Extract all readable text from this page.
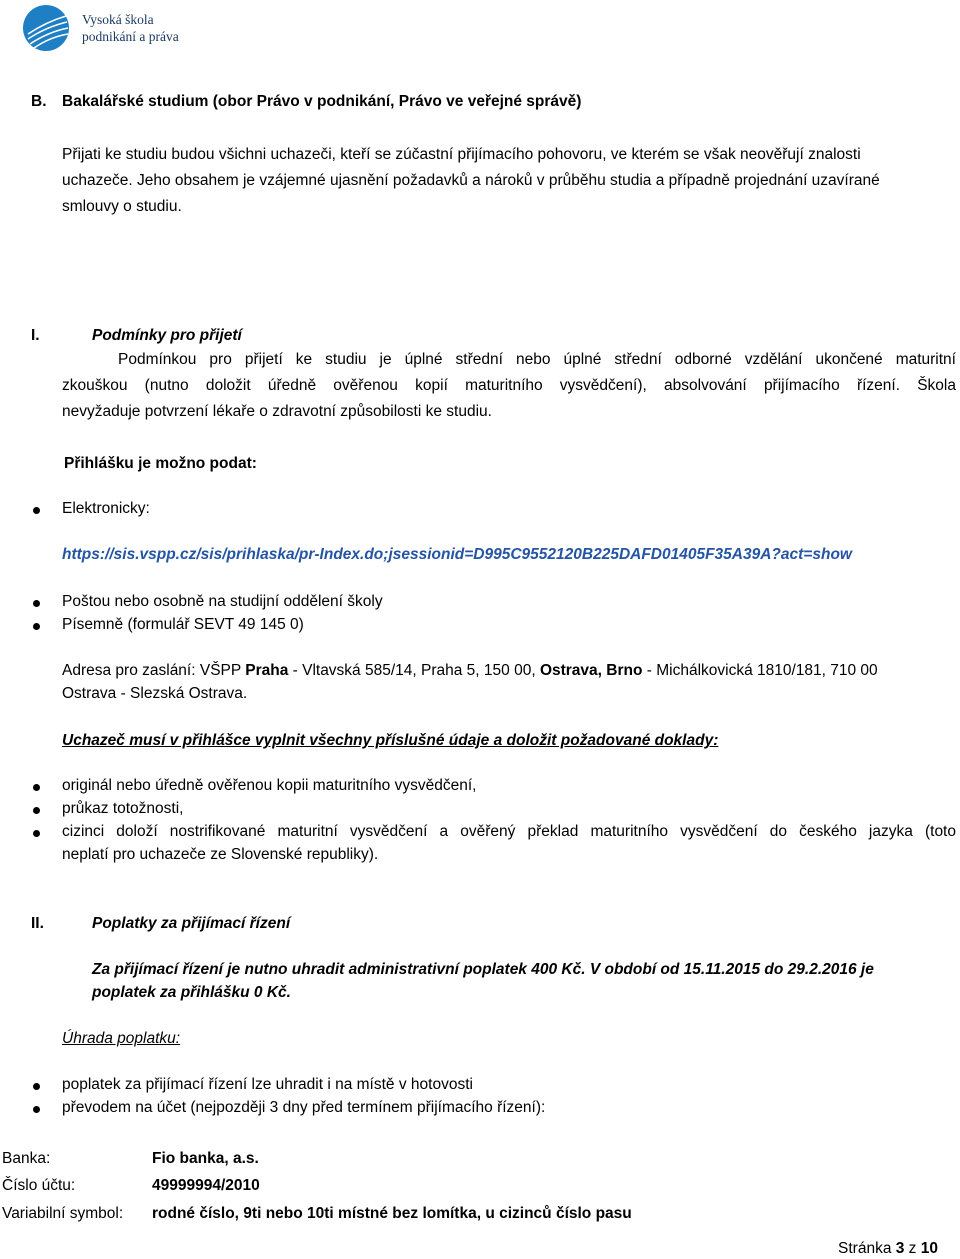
Vysoká škola
podnikání a práva
B. Bakalářské studium (obor Právo v podnikání, Právo ve veřejné správě)
Přijati ke studiu budou všichni uchazeči, kteří se zúčastní přijímacího pohovoru, ve kterém se však neověřují znalosti
uchazeče. Jeho obsahem je vzájemné ujasnění požadavků a nároků v průběhu studia a případně projednání uzavírané
smlouvy o studiu.
I.	Podmínky pro přijetí
Podmínkou pro přijetí ke studiu je úplné střední nebo úplné střední odborné vzdělání ukončené maturitní
zkouškou (nutno doložit úředně ověřenou kopií maturitního vysvědčení), absolvování přijímacího řízení. Škola
nevyžaduje potvrzení lékaře o zdravotní způsobilosti ke studiu.
Přihlášku je možno podat:
Elektronicky:
https://sis.vspp.cz/sis/prihlaska/pr-Index.do;jsessionid=D995C9552120B225DAFD01405F35A39A?act=show
Poštou nebo osobně na studijní oddělení školy
Písemně (formulář SEVT 49 145 0)
Adresa pro zaslání: VŠPP Praha - Vltavská 585/14, Praha 5, 150 00, Ostrava, Brno - Michálkovická 1810/181, 710 00
Ostrava - Slezská Ostrava.
Uchazeč musí v přihlášce vyplnit všechny příslušné údaje a doložit požadované doklady:
originál nebo úředně ověřenou kopii maturitního vysvědčení,
průkaz totožnosti,
cizinci doloží nostrifikované maturitní vysvědčení a ověřený překlad maturitního vysvědčení do českého jazyka (toto
neplatí pro uchazeče ze Slovenské republiky).
II.	Poplatky za přijímací řízení
Za přijímací řízení je nutno uhradit administrativní poplatek 400 Kč. V období od 15.11.2015 do 29.2.2016 je
poplatek za přihlášku 0 Kč.
Úhrada poplatku:
poplatek za přijímací řízení lze uhradit i na místě v hotovosti
převodem na účet (nejpozději 3 dny před termínem přijímacího řízení):
Banka:	Fio banka, a.s.
Číslo účtu:	49999994/2010
Variabilní symbol: rodné číslo, 9ti nebo 10ti místné bez lomítka, u cizinců číslo pasu
Stránka 3 z 10
